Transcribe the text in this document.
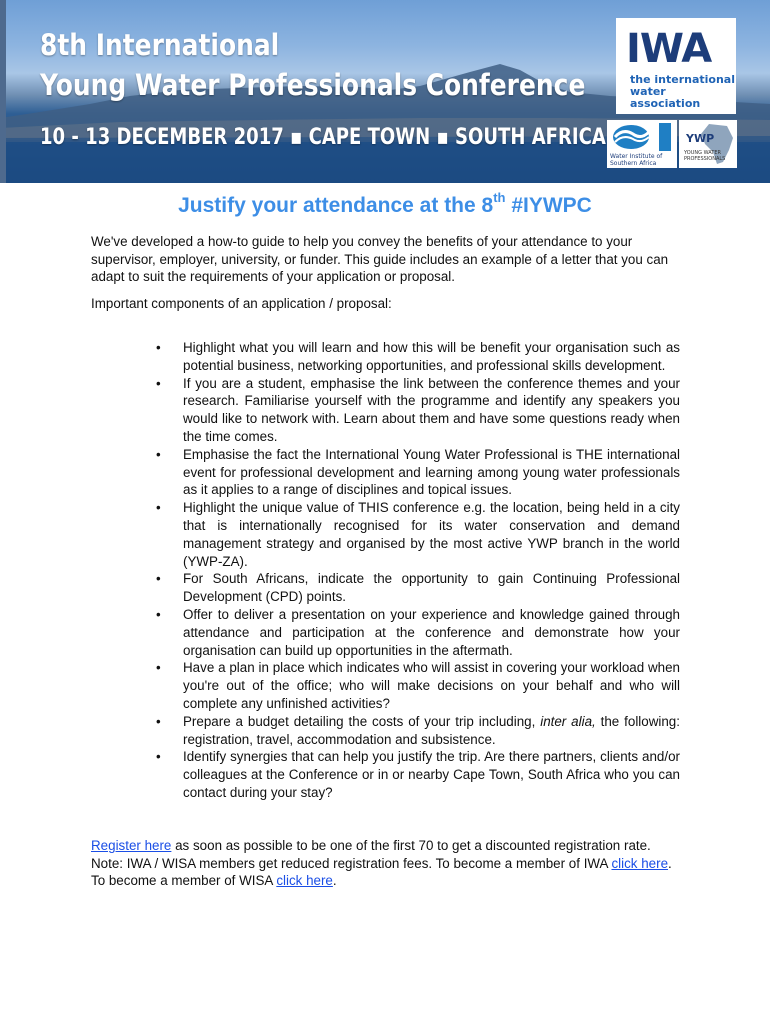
8th International
Young Water Professionals Conference
10 - 13 DECEMBER 2017 ▪ CAPE TOWN ▪ SOUTH AFRICA
IWA
the international
water association
Water Institute of Southern Africa
YWP
YOUNG WATER PROFESSIONALS
Justify your attendance at the 8th #IYWPC
We've developed a how-to guide to help you convey the benefits of your attendance to your supervisor, employer, university, or funder. This guide includes an example of a letter that you can adapt to suit the requirements of your application or proposal.
Important components of an application / proposal:
• Highlight what you will learn and how this will be benefit your organisation such as potential business, networking opportunities, and professional skills development.
• If you are a student, emphasise the link between the conference themes and your research. Familiarise yourself with the programme and identify any speakers you would like to network with. Learn about them and have some questions ready when the time comes.
• Emphasise the fact the International Young Water Professional is THE international event for professional development and learning among young water professionals as it applies to a range of disciplines and topical issues.
• Highlight the unique value of THIS conference e.g. the location, being held in a city that is internationally recognised for its water conservation and demand management strategy and organised by the most active YWP branch in the world (YWP-ZA).
• For South Africans, indicate the opportunity to gain Continuing Professional Development (CPD) points.
• Offer to deliver a presentation on your experience and knowledge gained through attendance and participation at the conference and demonstrate how your organisation can build up opportunities in the aftermath.
• Have a plan in place which indicates who will assist in covering your workload when you're out of the office; who will make decisions on your behalf and who will complete any unfinished activities?
• Prepare a budget detailing the costs of your trip including, inter alia, the following: registration, travel, accommodation and subsistence.
• Identify synergies that can help you justify the trip. Are there partners, clients and/or colleagues at the Conference or in or nearby Cape Town, South Africa who you can contact during your stay?
Register here as soon as possible to be one of the first 70 to get a discounted registration rate. Note: IWA / WISA members get reduced registration fees. To become a member of IWA click here. To become a member of WISA click here.
